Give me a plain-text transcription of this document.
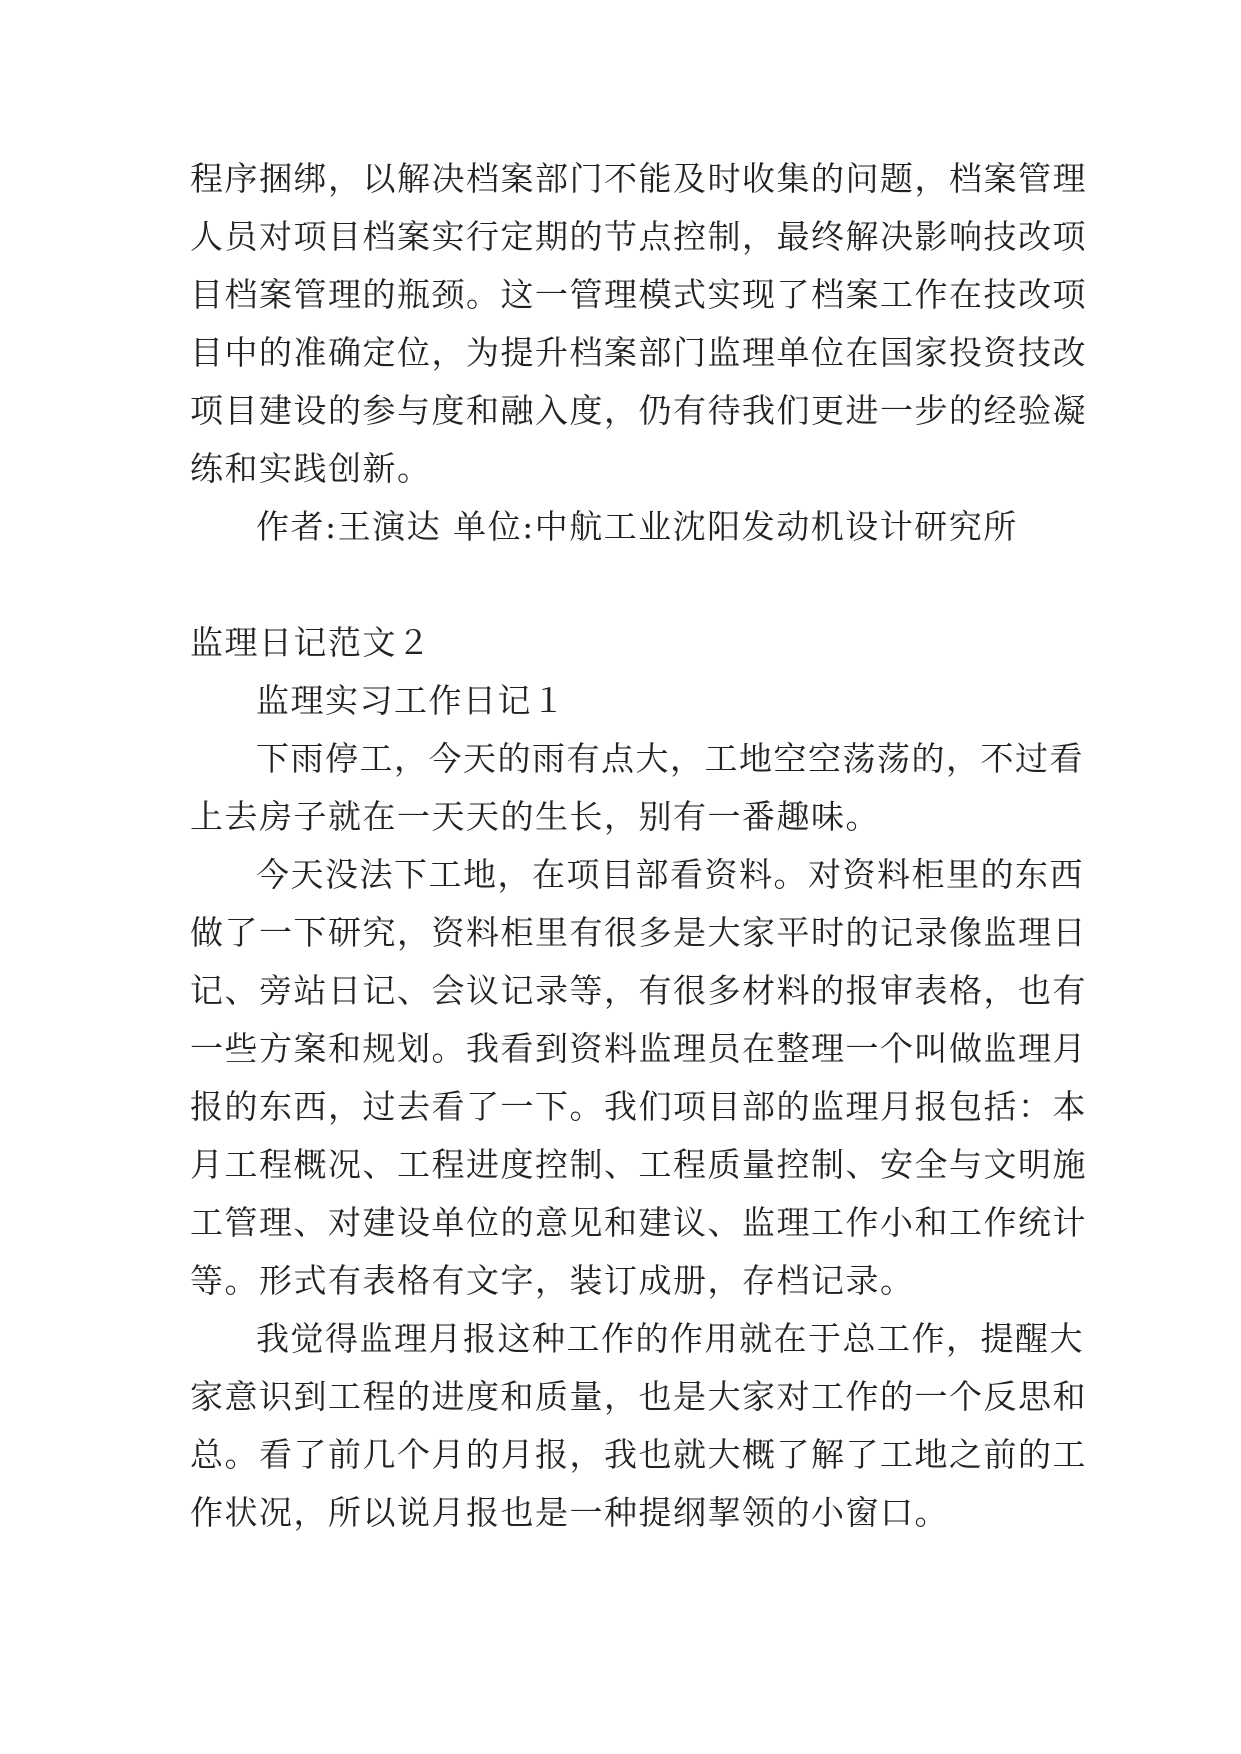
程序捆绑，以解决档案部门不能及时收集的问题，档案管理
人员对项目档案实行定期的节点控制，最终解决影响技改项
目档案管理的瓶颈。这一管理模式实现了档案工作在技改项
目中的准确定位，为提升档案部门监理单位在国家投资技改
项目建设的参与度和融入度，仍有待我们更进一步的经验凝
练和实践创新。
作者:王演达 单位:中航工业沈阳发动机设计研究所
监理日记范文２
监理实习工作日记１
下雨停工，今天的雨有点大，工地空空荡荡的，不过看
上去房子就在一天天的生长，别有一番趣味。
今天没法下工地，在项目部看资料。对资料柜里的东西
做了一下研究，资料柜里有很多是大家平时的记录像监理日
记、旁站日记、会议记录等，有很多材料的报审表格，也有
一些方案和规划。我看到资料监理员在整理一个叫做监理月
报的东西，过去看了一下。我们项目部的监理月报包括：本
月工程概况、工程进度控制、工程质量控制、安全与文明施
工管理、对建设单位的意见和建议、监理工作小和工作统计
等。形式有表格有文字，装订成册，存档记录。
我觉得监理月报这种工作的作用就在于总工作，提醒大
家意识到工程的进度和质量，也是大家对工作的一个反思和
总。看了前几个月的月报，我也就大概了解了工地之前的工
作状况，所以说月报也是一种提纲挈领的小窗口。
